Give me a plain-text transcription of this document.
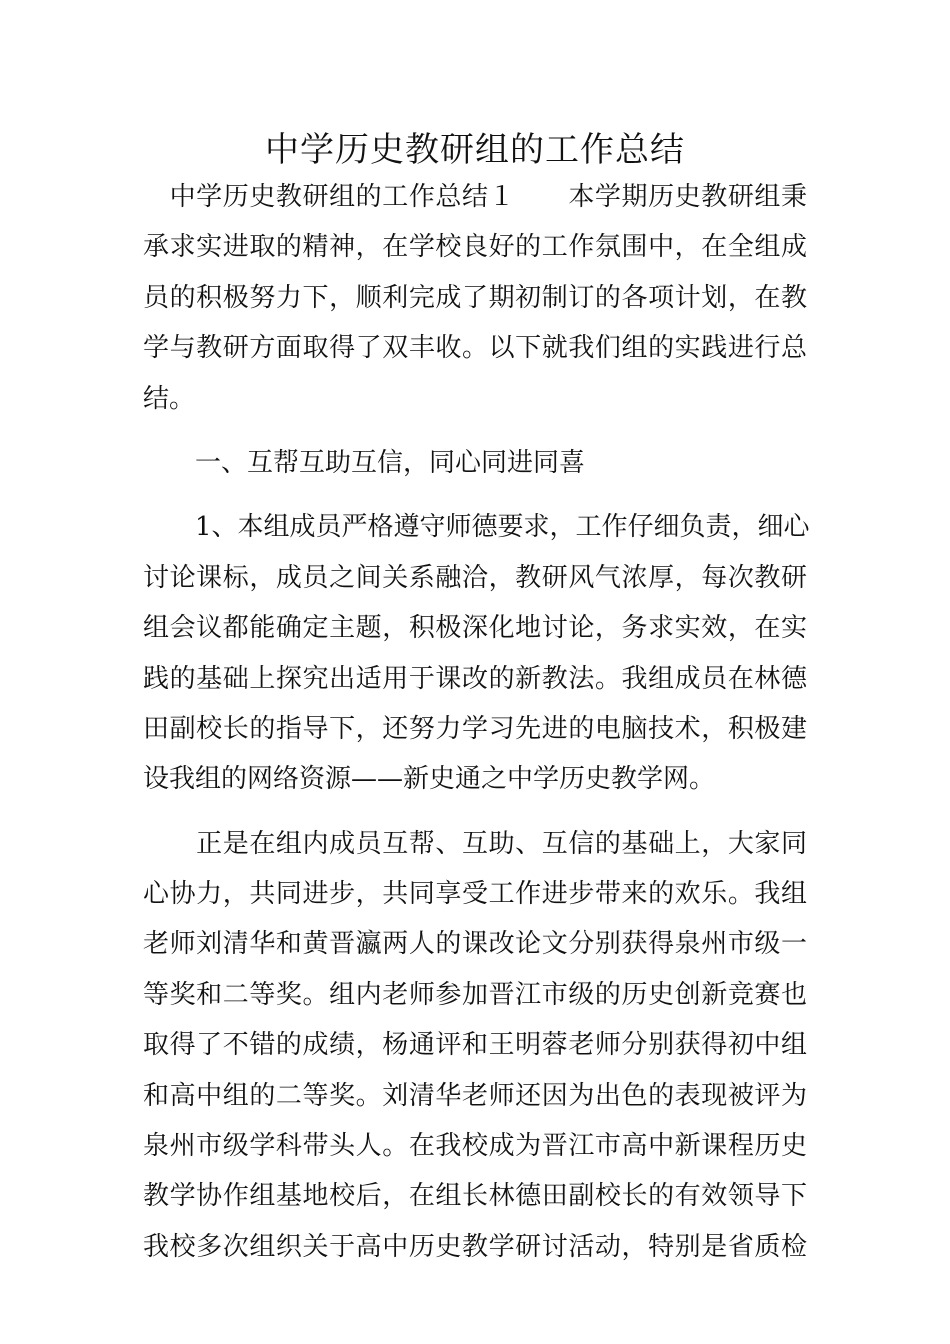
中学历史教研组的工作总结
　中学历史教研组的工作总结１　　本学期历史教研组秉
承求实进取的精神，在学校良好的工作氛围中，在全组成
员的积极努力下，顺利完成了期初制订的各项计划，在教
学与教研方面取得了双丰收。以下就我们组的实践进行总
结。
　　一、互帮互助互信，同心同进同喜
　　1、本组成员严格遵守师德要求，工作仔细负责，细心
讨论课标，成员之间关系融洽，教研风气浓厚，每次教研
组会议都能确定主题，积极深化地讨论，务求实效，在实
践的基础上探究出适用于课改的新教法。我组成员在林德
田副校长的指导下，还努力学习先进的电脑技术，积极建
设我组的网络资源——新史通之中学历史教学网。
　　正是在组内成员互帮、互助、互信的基础上，大家同
心协力，共同进步，共同享受工作进步带来的欢乐。我组
老师刘清华和黄晋瀛两人的课改论文分别获得泉州市级一
等奖和二等奖。组内老师参加晋江市级的历史创新竞赛也
取得了不错的成绩，杨通评和王明蓉老师分别获得初中组
和高中组的二等奖。刘清华老师还因为出色的表现被评为
泉州市级学科带头人。在我校成为晋江市高中新课程历史
教学协作组基地校后，在组长林德田副校长的有效领导下
我校多次组织关于高中历史教学研讨活动，特别是省质检
